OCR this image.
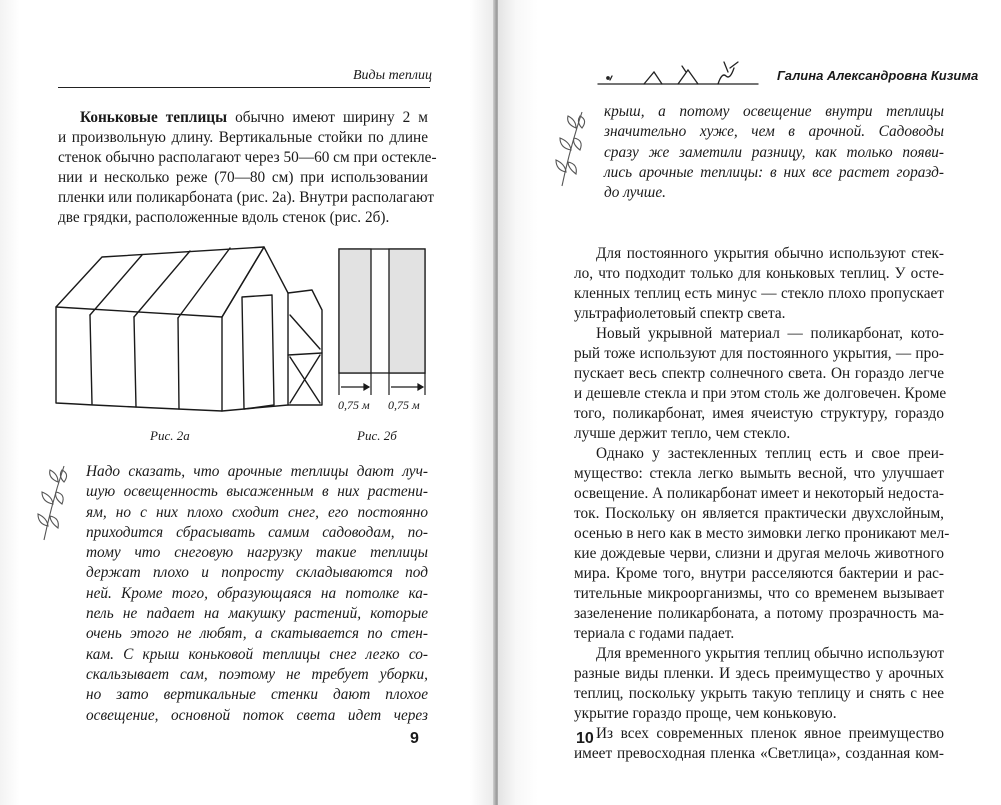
Виды теплиц
Коньковые теплицы обычно имеют ширину 2 м
и произвольную длину. Вертикальные стойки по длине
стенок обычно располагают через 50—60 см при остекле-
нии и несколько реже (70—80 см) при использовании
пленки или поликарбоната (рис. 2а). Внутри располагают
две грядки, расположенные вдоль стенок (рис. 2б).
0,75 м 0,75 м
Рис. 2а	Рис. 2б
Надо сказать, что арочные теплицы дают луч-
шую освещенность высаженным в них растени-
ям, но с них плохо сходит снег, его постоянно
приходится сбрасывать самим садоводам, по-
тому что снеговую нагрузку такие теплицы
держат плохо и попросту складываются под
ней. Кроме того, образующаяся на потолке ка-
пель не падает на макушку растений, которые
очень этого не любят, а скатывается по стен-
кам. С крыш коньковой теплицы снег легко со-
скальзывает сам, поэтому не требует уборки,
но зато вертикальные стенки дают плохое
освещение, основной поток света идет через
9
Галина Александровна Кизима
крыш, а потому освещение внутри теплицы
значительно хуже, чем в арочной. Садоводы
сразу же заметили разницу, как только появи-
лись арочные теплицы: в них все растет горазд-
до лучше.

Для постоянного укрытия обычно используют стек-
ло, что подходит только для коньковых теплиц. У осте-
кленных теплиц есть минус — стекло плохо пропускает
ультрафиолетовый спектр света.

Новый укрывной материал — поликарбонат, кото-
рый тоже используют для постоянного укрытия, — про-
пускает весь спектр солнечного света. Он гораздо легче
и дешевле стекла и при этом столь же долговечен. Кроме
того, поликарбонат, имея ячеистую структуру, гораздо
лучше держит тепло, чем стекло.

Однако у застекленных теплиц есть и свое преи-
мущество: стекла легко вымыть весной, что улучшает
освещение. А поликарбонат имеет и некоторый недоста-
ток. Поскольку он является практически двухслойным,
осенью в него как в место зимовки легко проникают мел-
кие дождевые черви, слизни и другая мелочь животного
мира. Кроме того, внутри расселяются бактерии и рас-
тительные микроорганизмы, что со временем вызывает
зазеленение поликарбоната, а потому прозрачность ма-
териала с годами падает.

Для временного укрытия теплиц обычно используют
разные виды пленки. И здесь преимущество у арочных
теплиц, поскольку укрыть такую теплицу и снять с нее
укрытие гораздо проще, чем коньковую.

Из всех современных пленок явное преимущество
имеет превосходная пленка «Светлица», созданная ком-

10
